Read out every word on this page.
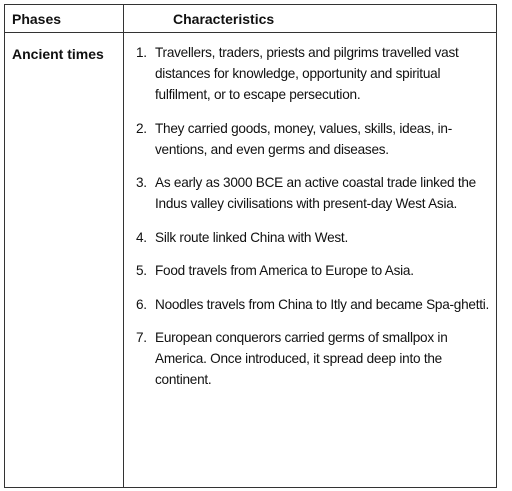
Phases	Characteristics
Ancient times 1. Travellers, traders, priests and pilgrims travelled vast distances for knowledge, opportunity and spiritual fulfilment, or to escape persecution.
2. They carried goods, money, values, skills, ideas, in-ventions, and even germs and diseases.
3. As early as 3000 BCE an active coastal trade linked the Indus valley civilisations with present-day West Asia.
4. Silk route linked China with West.
5. Food travels from America to Europe to Asia.
6. Noodles travels from China to Itly and became Spa-ghetti.
7. European conquerors carried germs of smallpox in America. Once introduced, it spread deep into the continent.
